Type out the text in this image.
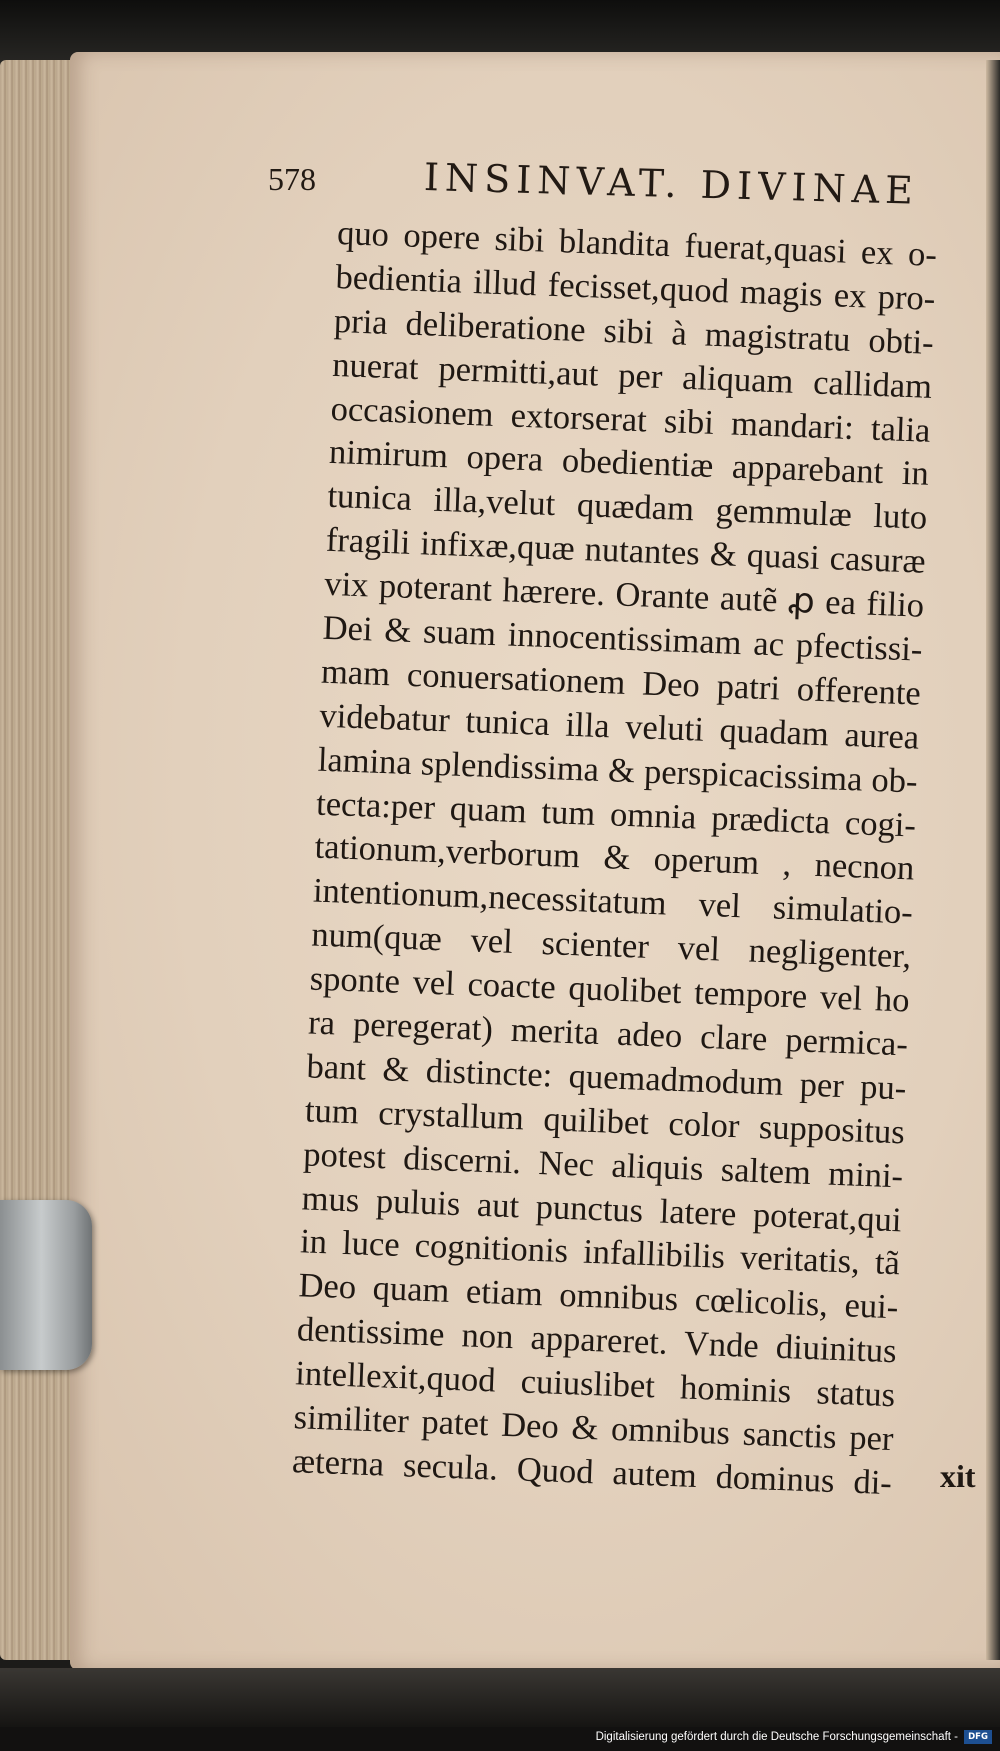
578	INSINVAT. DIVINAE
quo opere sibi blandita fuerat,quasi ex o-
bedientia illud fecisset,quod magis ex pro-
pria deliberatione sibi à magistratu obti-
nuerat permitti,aut per aliquam callidam
occasionem extorserat sibi mandari: talia
nimirum opera obedientiæ apparebant in
tunica illa,velut quædam gemmulæ luto
fragili infixæ,quæ nutantes & quasi casuræ
vix poterant hærere. Orante autẽ ꝓ ea filio
Dei & suam innocentissimam ac pfectissi-
mam conuersationem Deo patri offerente
videbatur tunica illa veluti quadam aurea
lamina splendissima & perspicacissima ob-
tecta:per quam tum omnia prædicta cogi-
tationum,verborum & operum , necnon
intentionum,necessitatum vel simulatio-
num(quæ vel scienter vel negligenter,
sponte vel coacte quolibet tempore vel ho
ra peregerat) merita adeo clare permica-
bant & distincte: quemadmodum per pu-
tum crystallum quilibet color suppositus
potest discerni. Nec aliquis saltem mini-
mus puluis aut punctus latere poterat,qui
in luce cognitionis infallibilis veritatis, tã
Deo quam etiam omnibus cœlicolis, eui-
dentissime non appareret. Vnde diuinitus
intellexit,quod cuiuslibet hominis status
similiter patet Deo & omnibus sanctis per
æterna secula. Quod autem dominus di- xit
Digitalisierung gefördert durch die Deutsche Forschungsgemeinschaft -	DFG
